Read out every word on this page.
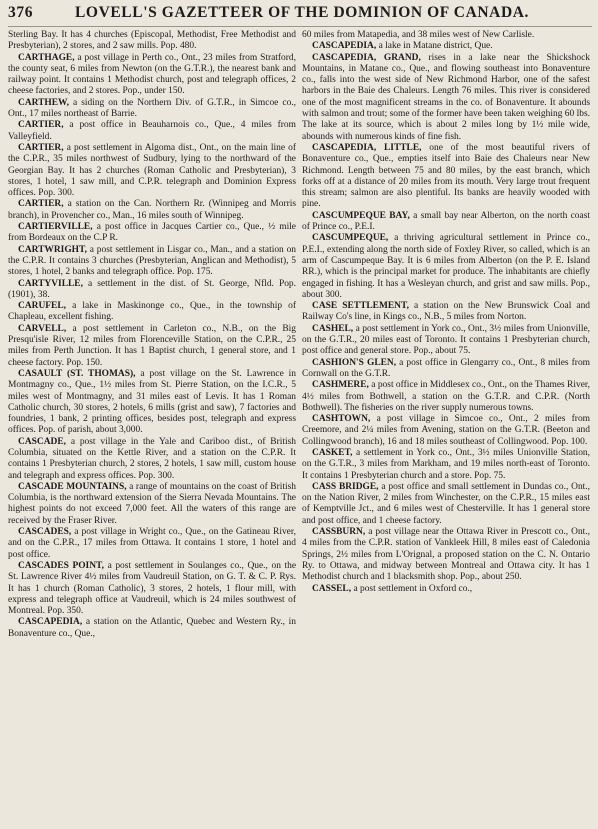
376	LOVELL'S GAZETTEER OF THE DOMINION OF CANADA.

Sterling Bay. It has 4 churches (Episcopal, Methodist, Free Methodist and Presbyterian), 2 stores, and 2 saw mills. Pop. 480.

CARTHAGE, a post village in Perth co., Ont., 23 miles from Stratford, the county seat, 6 miles from Newton (on the G.T.R.), the nearest bank and railway point. It contains 1 Methodist church, post and telegraph offices, 2 cheese factories, and 2 stores. Pop., under 150.

CARTHEW, a siding on the Northern Div. of G.T.R., in Simcoe co., Ont., 17 miles northeast of Barrie.

CARTIER, a post office in Beauharnois co., Que., 4 miles from Valleyfield.

CARTIER, a post settlement in Algoma dist., Ont., on the main line of the C.P.R., 35 miles northwest of Sudbury, lying to the northward of the Georgian Bay. It has 2 churches (Roman Catholic and Presbyterian), 3 stores, 1 hotel, 1 saw mill, and C.P.R. telegraph and Dominion Express offices. Pop. 300.

CARTIER, a station on the Can. Northern Rr. (Winnipeg and Morris branch), in Provencher co., Man., 16 miles south of Winnipeg.

CARTIERVILLE, a post office in Jacques Cartier co., Que., ½ mile from Bordeaux on the C.P R.

CARTWRIGHT, a post settlement in Lisgar co., Man., and a station on the C.P.R. It contains 3 churches (Presbyterian, Anglican and Methodist), 5 stores, 1 hotel, 2 banks and telegraph office. Pop. 175.

CARTYVILLE, a settlement in the dist. of St. George, Nfld. Pop. (1901), 38.

CARUFEL, a lake in Maskinonge co., Que., in the township of Chapleau, excellent fishing.

CARVELL, a post settlement in Carleton co., N.B., on the Big Presqu'isle River, 12 miles from Florenceville Station, on the C.P.R., 25 miles from Perth Junction. It has 1 Baptist church, 1 general store, and 1 cheese factory. Pop. 150.

CASAULT (ST. THOMAS), a post village on the St. Lawrence in Montmagny co., Que., 1½ miles from St. Pierre Station, on the I.C.R., 5 miles west of Montmagny, and 31 miles east of Levis. It has 1 Roman Catholic church, 30 stores, 2 hotels, 6 mills (grist and saw), 7 factories and foundries, 1 bank, 2 printing offices, besides post, telegraph and express offices. Pop. of parish, about 3,000.

CASCADE, a post village in the Yale and Cariboo dist., of British Columbia, situated on the Kettle River, and a station on the C.P.R. It contains 1 Presbyterian church, 2 stores, 2 hotels, 1 saw mill, custom house and telegraph and express offices. Pop. 300.

CASCADE MOUNTAINS, a range of mountains on the coast of British Columbia, is the northward extension of the Sierra Nevada Mountains. The highest points do not exceed 7,000 feet. All the waters of this range are received by the Fraser River.

CASCADES, a post village in Wright co., Que., on the Gatineau River, and on the C.P.R., 17 miles from Ottawa. It contains 1 store, 1 hotel and post office.

CASCADES POINT, a post settlement in Soulanges co., Que., on the St. Lawrence River 4½ miles from Vaudreuil Station, on G. T. & C. P. Rys. It has 1 church (Roman Catholic), 3 stores, 2 hotels, 1 flour mill, with express and telegraph office at Vaudreuil, which is 24 miles southwest of Montreal. Pop. 350.

CASCAPEDIA, a station on the Atlantic, Quebec and Western Ry., in Bonaventure co., Que.,

60 miles from Matapedia, and 38 miles west of New Carlisle.

CASCAPEDIA, a lake in Matane district, Que.

CASCAPEDIA, GRAND, rises in a lake near the Shickshock Mountains, in Matane co., Que., and flowing southeast into Bonaventure co., falls into the west side of New Richmond Harbor, one of the safest harbors in the Baie des Chaleurs. Length 76 miles. This river is considered one of the most magnificent streams in the co. of Bonaventure. It abounds with salmon and trout; some of the former have been taken weighing 60 lbs. The lake at its source, which is about 2 miles long by 1½ mile wide, abounds with numerous kinds of fine fish.

CASCAPEDIA, LITTLE, one of the most beautiful rivers of Bonaventure co., Que., empties itself into Baie des Chaleurs near New Richmond. Length between 75 and 80 miles, by the east branch, which forks off at a distance of 20 miles from its mouth. Very large trout frequent this stream; salmon are also plentiful. Its banks are heavily wooded with pine.

CASCUMPEQUE BAY, a small bay near Alberton, on the north coast of Prince co., P.E.I.

CASCUMPEQUE, a thriving agricultural settlement in Prince co., P.E.I., extending along the north side of Foxley River, so called, which is an arm of Cascumpeque Bay. It is 6 miles from Alberton (on the P. E. Island RR.), which is the principal market for produce. The inhabitants are chiefly engaged in fishing. It has a Wesleyan church, and grist and saw mills. Pop., about 300.

CASE SETTLEMENT, a station on the New Brunswick Coal and Railway Co's line, in Kings co., N.B., 5 miles from Norton.

CASHEL, a post settlement in York co., Ont., 3½ miles from Unionville, on the G.T.R., 20 miles east of Toronto. It contains 1 Presbyterian church, post office and general store. Pop., about 75.

CASHION'S GLEN, a post office in Glengarry co., Ont., 8 miles from Cornwall on the G.T.R.

CASHMERE, a post office in Middlesex co., Ont., on the Thames River, 4½ miles from Bothwell, a station on the G.T.R. and C.P.R. (North Bothwell). The fisheries on the river supply numerous towns.

CASHTOWN, a post village in Simcoe co., Ont., 2 miles from Creemore, and 2¼ miles from Avening, station on the G.T.R. (Beeton and Collingwood branch), 16 and 18 miles southeast of Collingwood. Pop. 100.

CASKET, a settlement in York co., Ont., 3½ miles Unionville Station, on the G.T.R., 3 miles from Markham, and 19 miles north-east of Toronto. It contains 1 Presbyterian church and a store. Pop. 75.

CASS BRIDGE, a post office and small settlement in Dundas co., Ont., on the Nation River, 2 miles from Winchester, on the C.P.R., 15 miles east of Kemptville Jct., and 6 miles west of Chesterville. It has 1 general store and post office, and 1 cheese factory.

CASSBURN, a post village near the Ottawa River in Prescott co., Ont., 4 miles from the C.P.R. station of Vankleek Hill, 8 miles east of Caledonia Springs, 2½ miles from L'Orignal, a proposed station on the C. N. Ontario Ry. to Ottawa, and midway between Montreal and Ottawa city. It has 1 Methodist church and 1 blacksmith shop. Pop., about 250.

CASSEL, a post settlement in Oxford co.,
